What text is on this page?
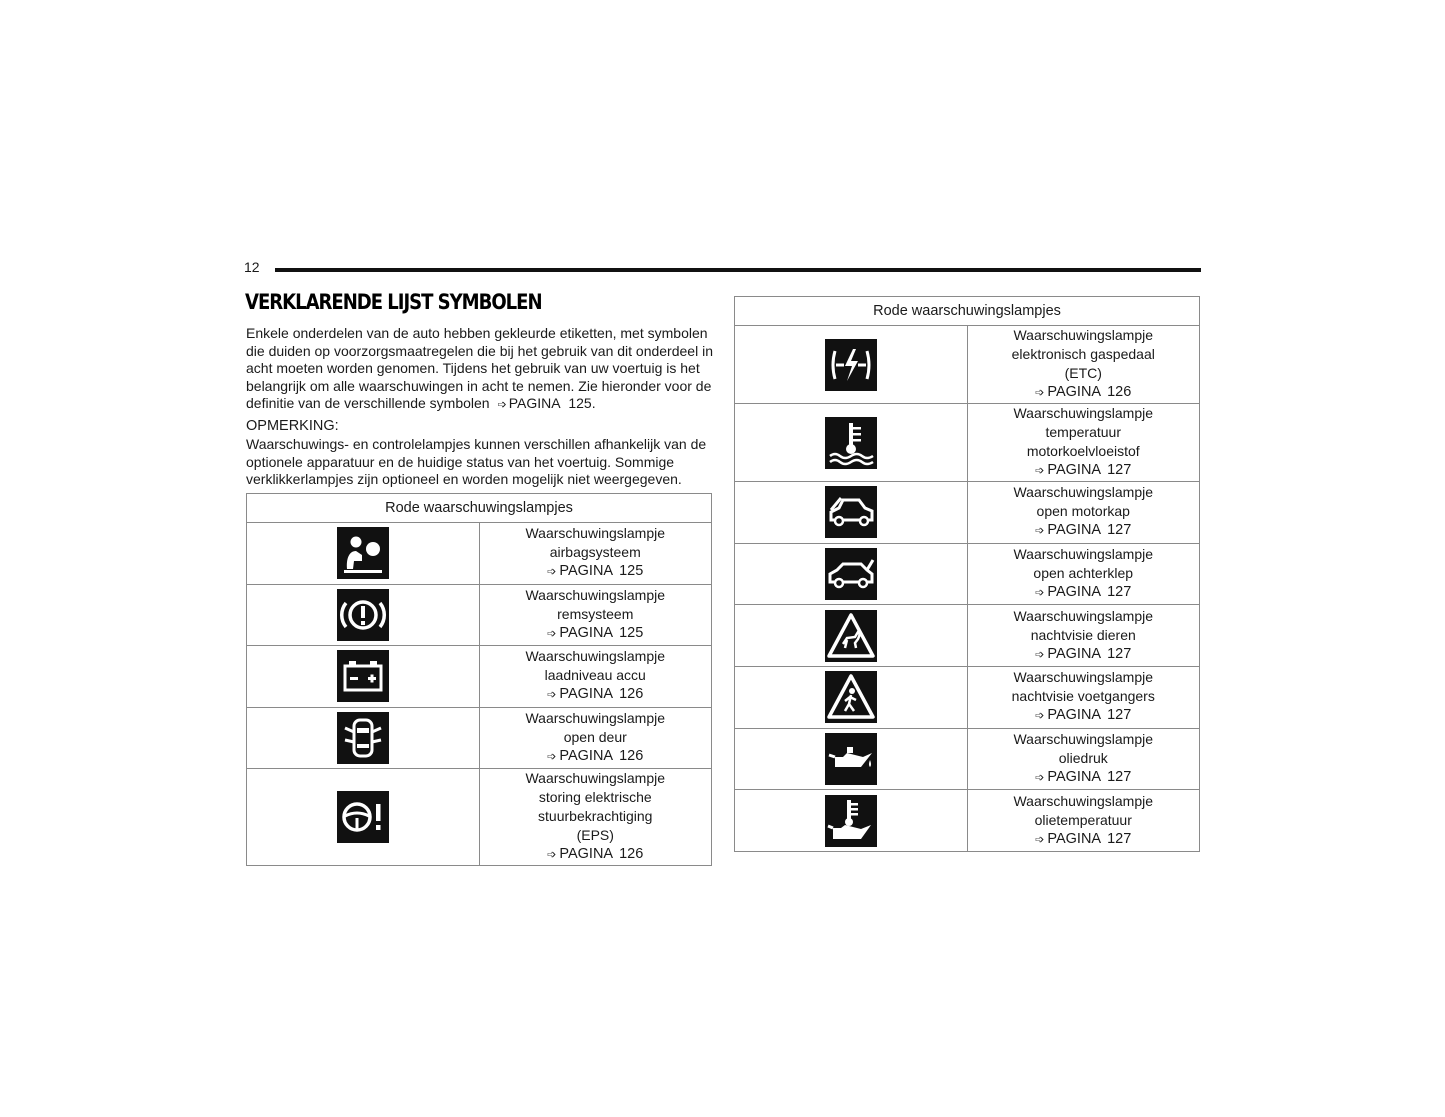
12
VERKLARENDE LIJST SYMBOLEN

Enkele onderdelen van de auto hebben gekleurde etiketten, met symbolen die duiden op voorzorgsmaatregelen die bij het gebruik van dit onderdeel in acht moeten worden genomen. Tijdens het gebruik van uw voertuig is het belangrijk om alle waarschuwingen in acht te nemen. Zie hieronder voor de definitie van de verschillende symbolen ➩ PAGINA 125.

OPMERKING:

Waarschuwings- en controlelampjes kunnen verschillen afhankelijk van de optionele apparatuur en de huidige status van het voertuig. Sommige verklikkerlampjes zijn optioneel en worden mogelijk niet weergegeven.

Rode waarschuwingslampjes	

Waarschuwingslampje airbagsysteem
➩ PAGINA 125

Waarschuwingslampje remsysteem
➩ PAGINA 125

Waarschuwingslampje laadniveau accu
➩ PAGINA 126

Waarschuwingslampje open deur
➩ PAGINA 126

Waarschuwingslampje storing elektrische stuurbekrachtiging (EPS)
➩ PAGINA 126
Rode waarschuwingslampjes	

Waarschuwingslampje elektronisch gaspedaal (ETC)
➩ PAGINA 126

Waarschuwingslampje temperatuur motorkoelvloeistof
➩ PAGINA 127

Waarschuwingslampje open motorkap
➩ PAGINA 127

Waarschuwingslampje open achterklep
➩ PAGINA 127

Waarschuwingslampje nachtvisie dieren
➩ PAGINA 127

Waarschuwingslampje nachtvisie voetgangers
➩ PAGINA 127

Waarschuwingslampje oliedruk
➩ PAGINA 127

Waarschuwingslampje olietemperatuur
➩ PAGINA 127
